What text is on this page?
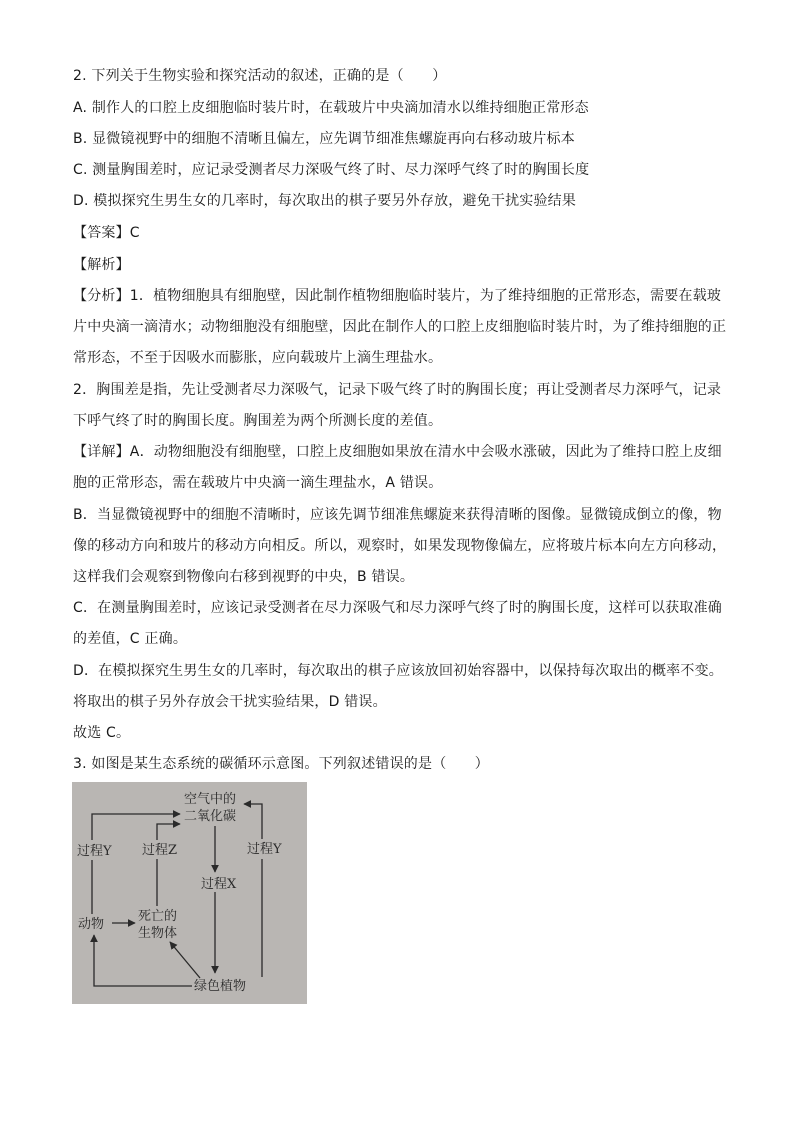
2. 下列关于生物实验和探究活动的叙述，正确的是（　　）
A. 制作人的口腔上皮细胞临时装片时，在载玻片中央滴加清水以维持细胞正常形态
B. 显微镜视野中的细胞不清晰且偏左，应先调节细准焦螺旋再向右移动玻片标本
C. 测量胸围差时，应记录受测者尽力深吸气终了时、尽力深呼气终了时的胸围长度
D. 模拟探究生男生女的几率时，每次取出的棋子要另外存放，避免干扰实验结果
【答案】C
【解析】
【分析】1．植物细胞具有细胞壁，因此制作植物细胞临时装片，为了维持细胞的正常形态，需要在载玻
片中央滴一滴清水；动物细胞没有细胞壁，因此在制作人的口腔上皮细胞临时装片时，为了维持细胞的正
常形态，不至于因吸水而膨胀，应向载玻片上滴生理盐水。
2．胸围差是指，先让受测者尽力深吸气，记录下吸气终了时的胸围长度；再让受测者尽力深呼气，记录
下呼气终了时的胸围长度。胸围差为两个所测长度的差值。
【详解】A．动物细胞没有细胞壁，口腔上皮细胞如果放在清水中会吸水涨破，因此为了维持口腔上皮细
胞的正常形态，需在载玻片中央滴一滴生理盐水，A 错误。
B．当显微镜视野中的细胞不清晰时，应该先调节细准焦螺旋来获得清晰的图像。显微镜成倒立的像，物
像的移动方向和玻片的移动方向相反。所以，观察时，如果发现物像偏左，应将玻片标本向左方向移动，
这样我们会观察到物像向右移到视野的中央，B 错误。
C．在测量胸围差时，应该记录受测者在尽力深吸气和尽力深呼气终了时的胸围长度，这样可以获取准确
的差值，C 正确。
D．在模拟探究生男生女的几率时，每次取出的棋子应该放回初始容器中，以保持每次取出的概率不变。
将取出的棋子另外存放会干扰实验结果，D 错误。
故选 C。
3. 如图是某生态系统的碳循环示意图。下列叙述错误的是（　　）
空气中的
二氧化碳
过程Y 过程Z	过程Y
过程X
动物
死亡的
生物体
绿色植物
